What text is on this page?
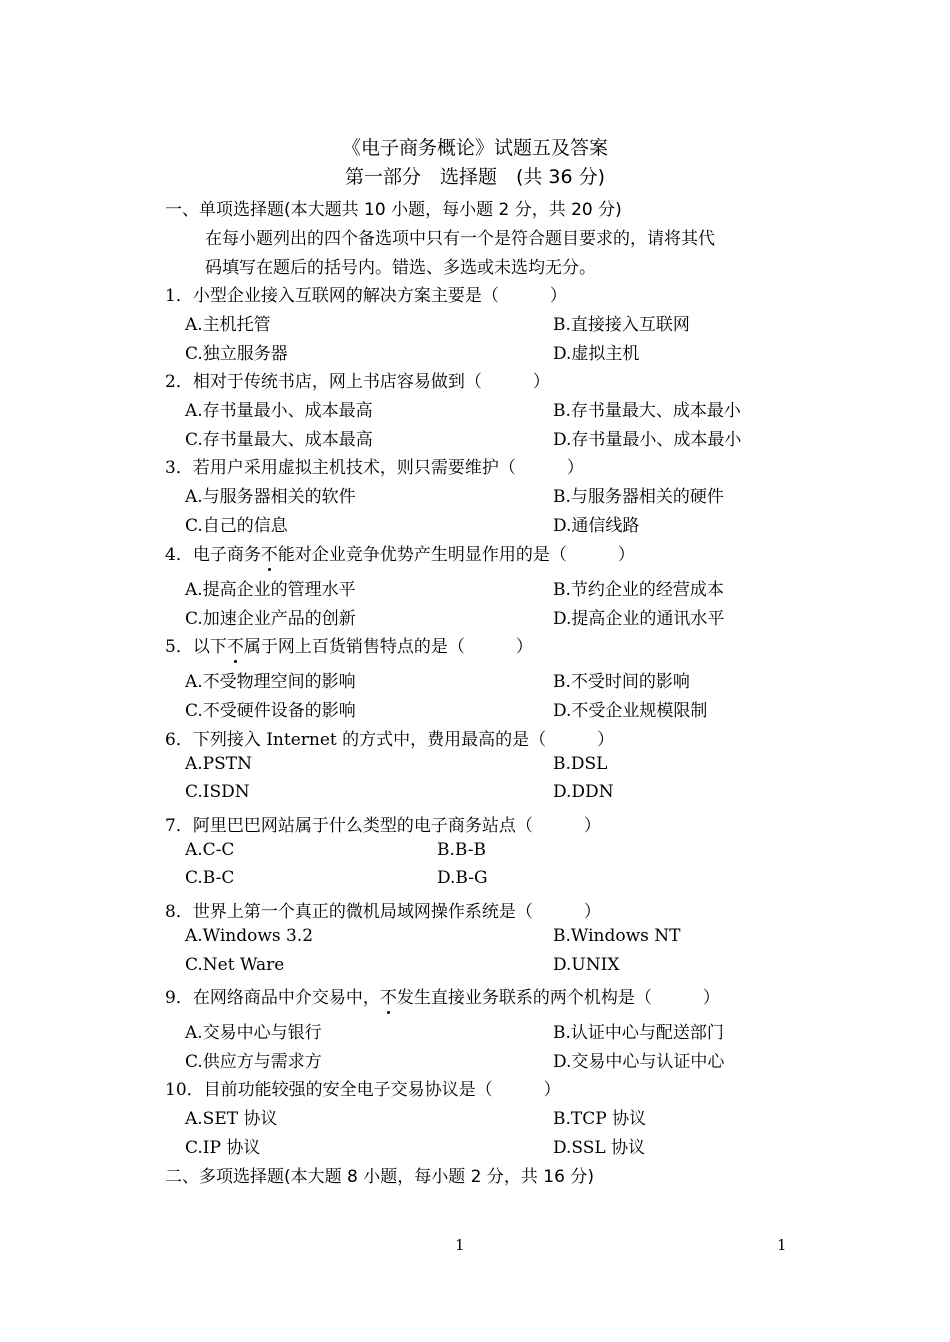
《电子商务概论》试题五及答案
第一部分　选择题　(共 36 分)
一、单项选择题(本大题共 10 小题，每小题 2 分，共 20 分)
在每小题列出的四个备选项中只有一个是符合题目要求的，请将其代
码填写在题后的括号内。错选、多选或未选均无分。
1．小型企业接入互联网的解决方案主要是（　　　）
A.主机托管	B.直接接入互联网
C.独立服务器	D.虚拟主机
2．相对于传统书店，网上书店容易做到（　　　）
A.存书量最小、成本最高	B.存书量最大、成本最小
C.存书量最大、成本最高	D.存书量最小、成本最小
3．若用户采用虚拟主机技术，则只需要维护（　　　）
A.与服务器相关的软件	B.与服务器相关的硬件
C.自己的信息	D.通信线路
4．电子商务不能对企业竞争优势产生明显作用的是（　　　）
A.提高企业的管理水平	B.节约企业的经营成本
C.加速企业产品的创新	D.提高企业的通讯水平
5．以下不属于网上百货销售特点的是（　　　）
A.不受物理空间的影响	B.不受时间的影响
C.不受硬件设备的影响	D.不受企业规模限制
6．下列接入 Internet 的方式中，费用最高的是（　　　）
A.PSTN	B.DSL
C.ISDN	D.DDN
7．阿里巴巴网站属于什么类型的电子商务站点（　　　）
A.C-C	B.B-B
C.B-C	D.B-G
8．世界上第一个真正的微机局域网操作系统是（　　　）
A.Windows 3.2	B.Windows NT
C.Net Ware	D.UNIX
9．在网络商品中介交易中，不发生直接业务联系的两个机构是（　　　）
A.交易中心与银行	B.认证中心与配送部门
C.供应方与需求方	D.交易中心与认证中心
10．目前功能较强的安全电子交易协议是（　　　）
A.SET 协议	B.TCP 协议
C.IP 协议	D.SSL 协议
二、多项选择题(本大题 8 小题，每小题 2 分，共 16 分)
1	1
